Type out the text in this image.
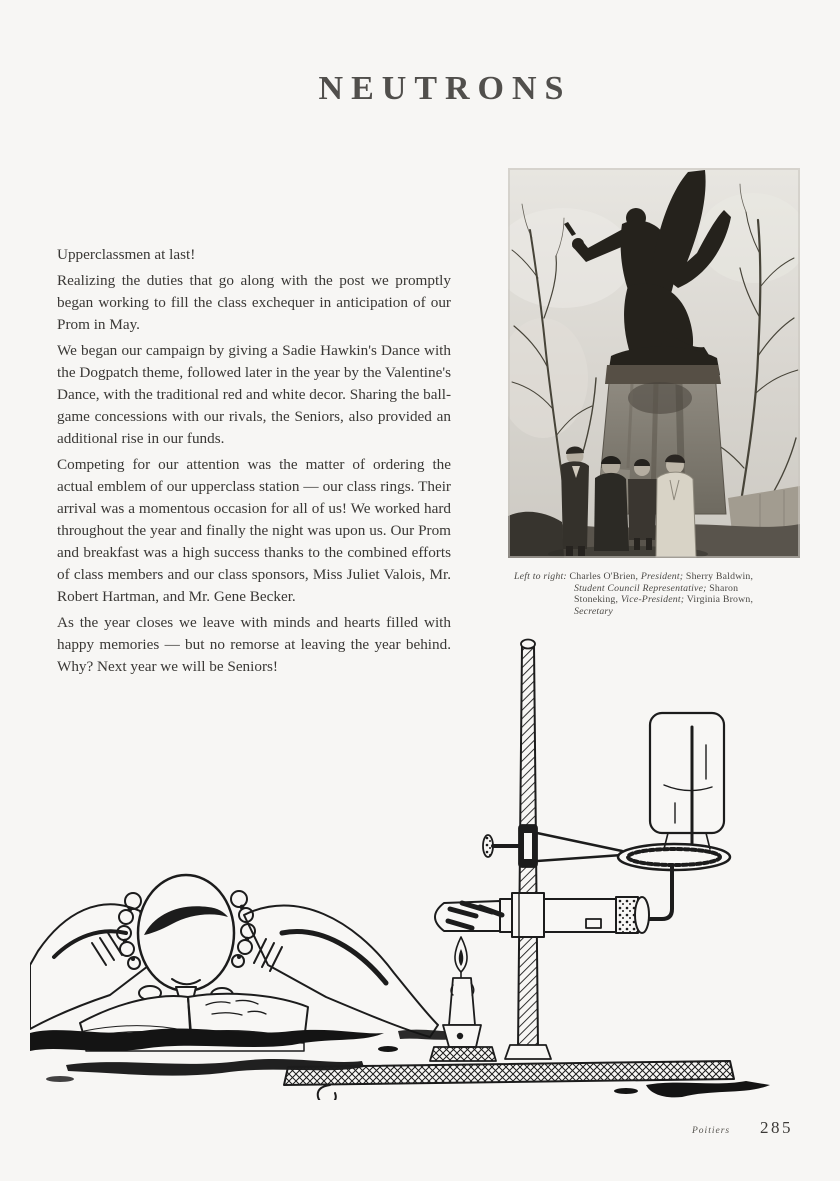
NEUTRONS

Upperclassmen at last!

Realizing the duties that go along with the post we promptly began working to fill the class exchequer in anticipation of our Prom in May.

We began our campaign by giving a Sadie Hawkin's Dance with the Dogpatch theme, followed later in the year by the Valentine's Dance, with the traditional red and white decor. Sharing the ball-game concessions with our rivals, the Seniors, also provided an additional rise in our funds.

Competing for our attention was the matter of ordering the actual emblem of our upperclass station — our class rings. Their arrival was a momentous occasion for all of us! We worked hard throughout the year and finally the night was upon us. Our Prom and breakfast was a high success thanks to the combined efforts of class members and our class sponsors, Miss Juliet Valois, Mr. Robert Hartman, and Mr. Gene Becker.

As the year closes we leave with minds and hearts filled with happy memories — but no remorse at leaving the year behind. Why? Next year we will be Seniors!

Left to right: Charles O'Brien, President; Sherry Baldwin,
Student Council Representative; Sharon
Stoneking, Vice-President; Virginia Brown,
Secretary
Poitiers 285
